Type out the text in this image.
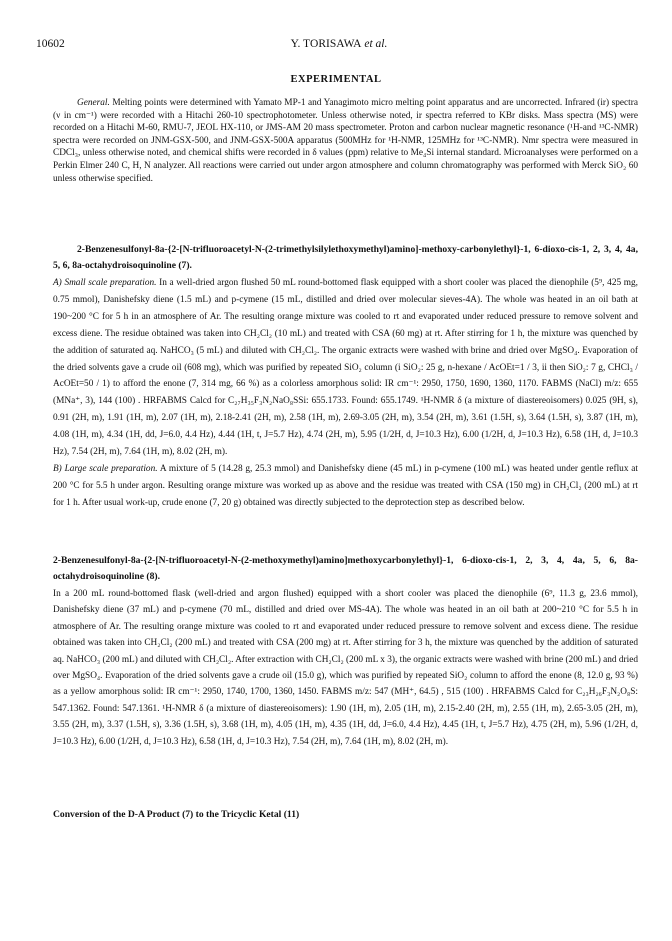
10602	Y. TORISAWA et al.
EXPERIMENTAL

General. Melting points were determined with Yamato MP-1 and Yanagimoto micro melting point apparatus and are uncorrected. Infrared (ir) spectra (ν in cm⁻¹) were recorded with a Hitachi 260-10 spectrophotometer. Unless otherwise noted, ir spectra referred to KBr disks. Mass spectra (MS) were recorded on a Hitachi M-60, RMU-7, JEOL HX-110, or JMS-AM 20 mass spectrometer. Proton and carbon nuclear magnetic resonance (¹H-and ¹³C-NMR) spectra were recorded on JNM-GSX-500, and JNM-GSX-500A apparatus (500MHz for ¹H-NMR, 125MHz for ¹³C-NMR). Nmr spectra were measured in CDCl₃, unless otherwise noted, and chemical shifts were recorded in δ values (ppm) relative to Me₄Si internal standard. Microanalyses were performed on a Perkin Elmer 240 C, H, N analyzer. All reactions were carried out under argon atmosphere and column chromatography was performed with Merck SiO₂ 60 unless otherwise specified.

2-Benzenesulfonyl-8a-{2-[N-trifluoroacetyl-N-(2-trimethylsilylethoxymethyl)amino]-methoxy-carbonylethyl}-1, 6-dioxo-cis-1, 2, 3, 4, 4a, 5, 6, 8a-octahydroisoquinoline (7).

A) Small scale preparation. In a well-dried argon flushed 50 mL round-bottomed flask equipped with a short cooler was placed the dienophile (5⁹, 425 mg, 0.75 mmol), Danishefsky diene (1.5 mL) and p-cymene (15 mL, distilled and dried over molecular sieves-4A). The whole was heated in an oil bath at 190~200 °C for 5 h in an atmosphere of Ar. The resulting orange mixture was cooled to rt and evaporated under reduced pressure to remove solvent and excess diene. The residue obtained was taken into CH₂Cl₂ (10 mL) and treated with CSA (60 mg) at rt. After stirring for 1 h, the mixture was quenched by the addition of saturated aq. NaHCO₃ (5 mL) and diluted with CH₂Cl₂. The organic extracts were washed with brine and dried over MgSO₄. Evaporation of the dried solvents gave a crude oil (608 mg), which was purified by repeated SiO₂ column (i SiO₂: 25 g, n-hexane / AcOEt=1 / 3, ii then SiO₂: 7 g, CHCl₃ / AcOEt=50 / 1) to afford the enone (7, 314 mg, 66 %) as a colorless amorphous solid: IR cm⁻¹: 2950, 1750, 1690, 1360, 1170. FABMS (NaCl) m/z: 655 (MNa⁺, 3), 144 (100) . HRFABMS Calcd for C₂₇H₃₅F₃N₂NaO₈SSi: 655.1733. Found: 655.1749. ¹H-NMR δ (a mixture of diastereoisomers) 0.025 (9H, s), 0.91 (2H, m), 1.91 (1H, m), 2.07 (1H, m), 2.18-2.41 (2H, m), 2.58 (1H, m), 2.69-3.05 (2H, m), 3.54 (2H, m), 3.61 (1.5H, s), 3.64 (1.5H, s), 3.87 (1H, m), 4.08 (1H, m), 4.34 (1H, dd, J=6.0, 4.4 Hz), 4.44 (1H, t, J=5.7 Hz), 4.74 (2H, m), 5.95 (1/2H, d, J=10.3 Hz), 6.00 (1/2H, d, J=10.3 Hz), 6.58 (1H, d, J=10.3 Hz), 7.54 (2H, m), 7.64 (1H, m), 8.02 (2H, m).
B) Large scale preparation. A mixture of 5 (14.28 g, 25.3 mmol) and Danishefsky diene (45 mL) in p-cymene (100 mL) was heated under gentle reflux at 200 °C for 5.5 h under argon. Resulting orange mixture was worked up as above and the residue was treated with CSA (150 mg) in CH₂Cl₂ (200 mL) at rt for 1 h. After usual work-up, crude enone (7, 20 g) obtained was directly subjected to the deprotection step as described below.

2-Benzenesulfonyl-8a-{2-[N-trifluoroacetyl-N-(2-methoxymethyl)amino]methoxycarbonylethyl}-1, 6-dioxo-cis-1, 2, 3, 4, 4a, 5, 6, 8a-octahydroisoquinoline (8).

In a 200 mL round-bottomed flask (well-dried and argon flushed) equipped with a short cooler was placed the dienophile (6⁹, 11.3 g, 23.6 mmol), Danishefsky diene (37 mL) and p-cymene (70 mL, distilled and dried over MS-4A). The whole was heated in an oil bath at 200~210 °C for 5.5 h in atmosphere of Ar. The resulting orange mixture was cooled to rt and evaporated under reduced pressure to remove solvent and excess diene. The residue obtained was taken into CH₂Cl₂ (200 mL) and treated with CSA (200 mg) at rt. After stirring for 3 h, the mixture was quenched by the addition of saturated aq. NaHCO₃ (200 mL) and diluted with CH₂Cl₂. After extraction with CH₂Cl₂ (200 mL x 3), the organic extracts were washed with brine (200 mL) and dried over MgSO₄. Evaporation of the dried solvents gave a crude oil (15.0 g), which was purified by repeated SiO₂ column to afford the enone (8, 12.0 g, 93 %) as a yellow amorphous solid: IR cm⁻¹: 2950, 1740, 1700, 1360, 1450. FABMS m/z: 547 (MH⁺, 64.5) , 515 (100) . HRFABMS Calcd for C₂₃H₂₆F₃N₂O₈S: 547.1362. Found: 547.1361. ¹H-NMR δ (a mixture of diastereoisomers): 1.90 (1H, m), 2.05 (1H, m), 2.15-2.40 (2H, m), 2.55 (1H, m), 2.65-3.05 (2H, m), 3.55 (2H, m), 3.37 (1.5H, s), 3.36 (1.5H, s), 3.68 (1H, m), 4.05 (1H, m), 4.35 (1H, dd, J=6.0, 4.4 Hz), 4.45 (1H, t, J=5.7 Hz), 4.75 (2H, m), 5.96 (1/2H, d, J=10.3 Hz), 6.00 (1/2H, d, J=10.3 Hz), 6.58 (1H, d, J=10.3 Hz), 7.54 (2H, m), 7.64 (1H, m), 8.02 (2H, m).

Conversion of the D-A Product (7) to the Tricyclic Ketal (11)
